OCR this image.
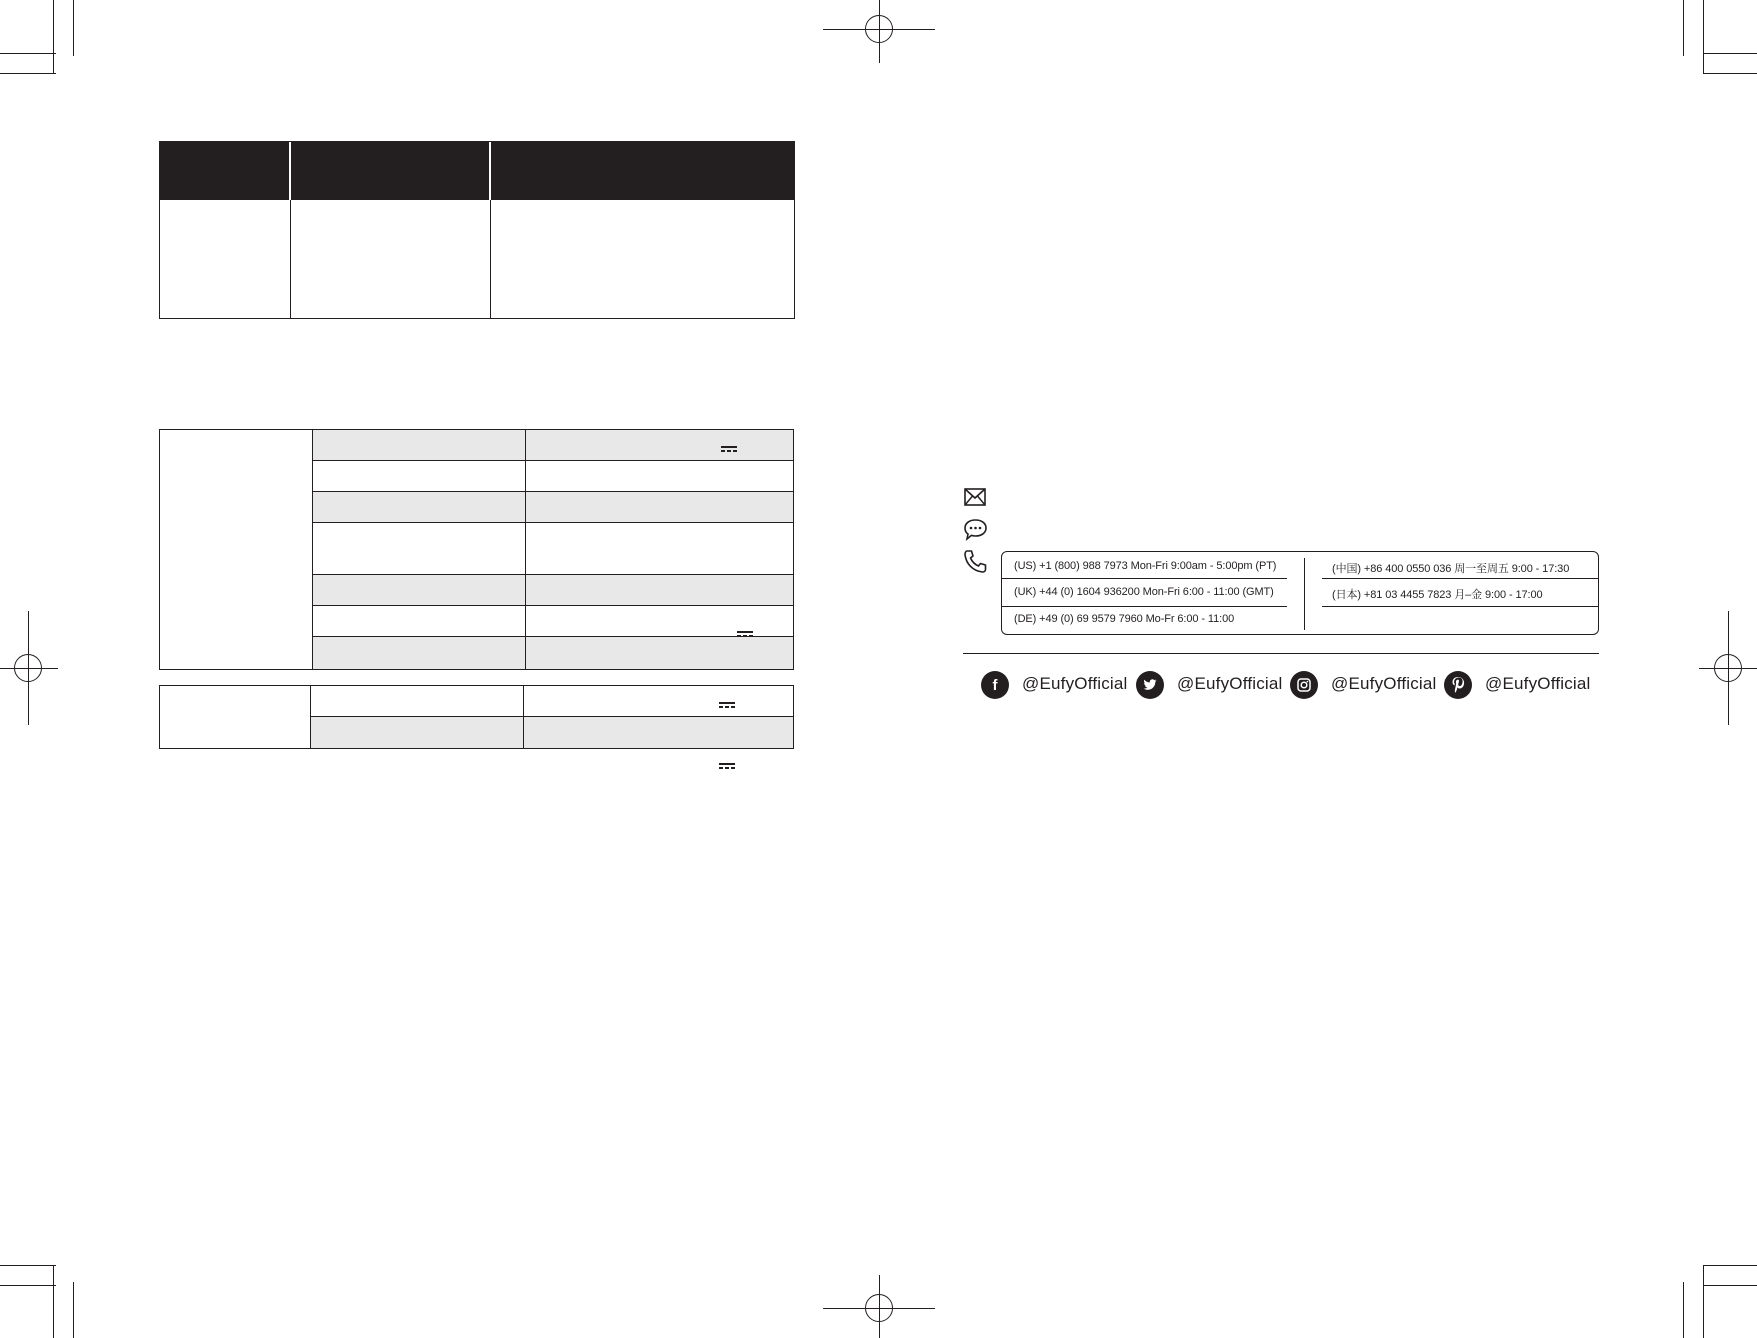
(US) +1 (800) 988 7973 Mon-Fri 9:00am - 5:00pm (PT)
(UK) +44 (0) 1604 936200 Mon-Fri 6:00 - 11:00 (GMT)
(DE) +49 (0) 69 9579 7960 Mo-Fr 6:00 - 11:00
(中国) +86 400 0550 036 周一至周五 9:00 - 17:30
(日本) +81 03 4455 7823 月–金 9:00 - 17:00
f @EufyOfficial	@EufyOfficial	@EufyOfficial	@EufyOfficial
